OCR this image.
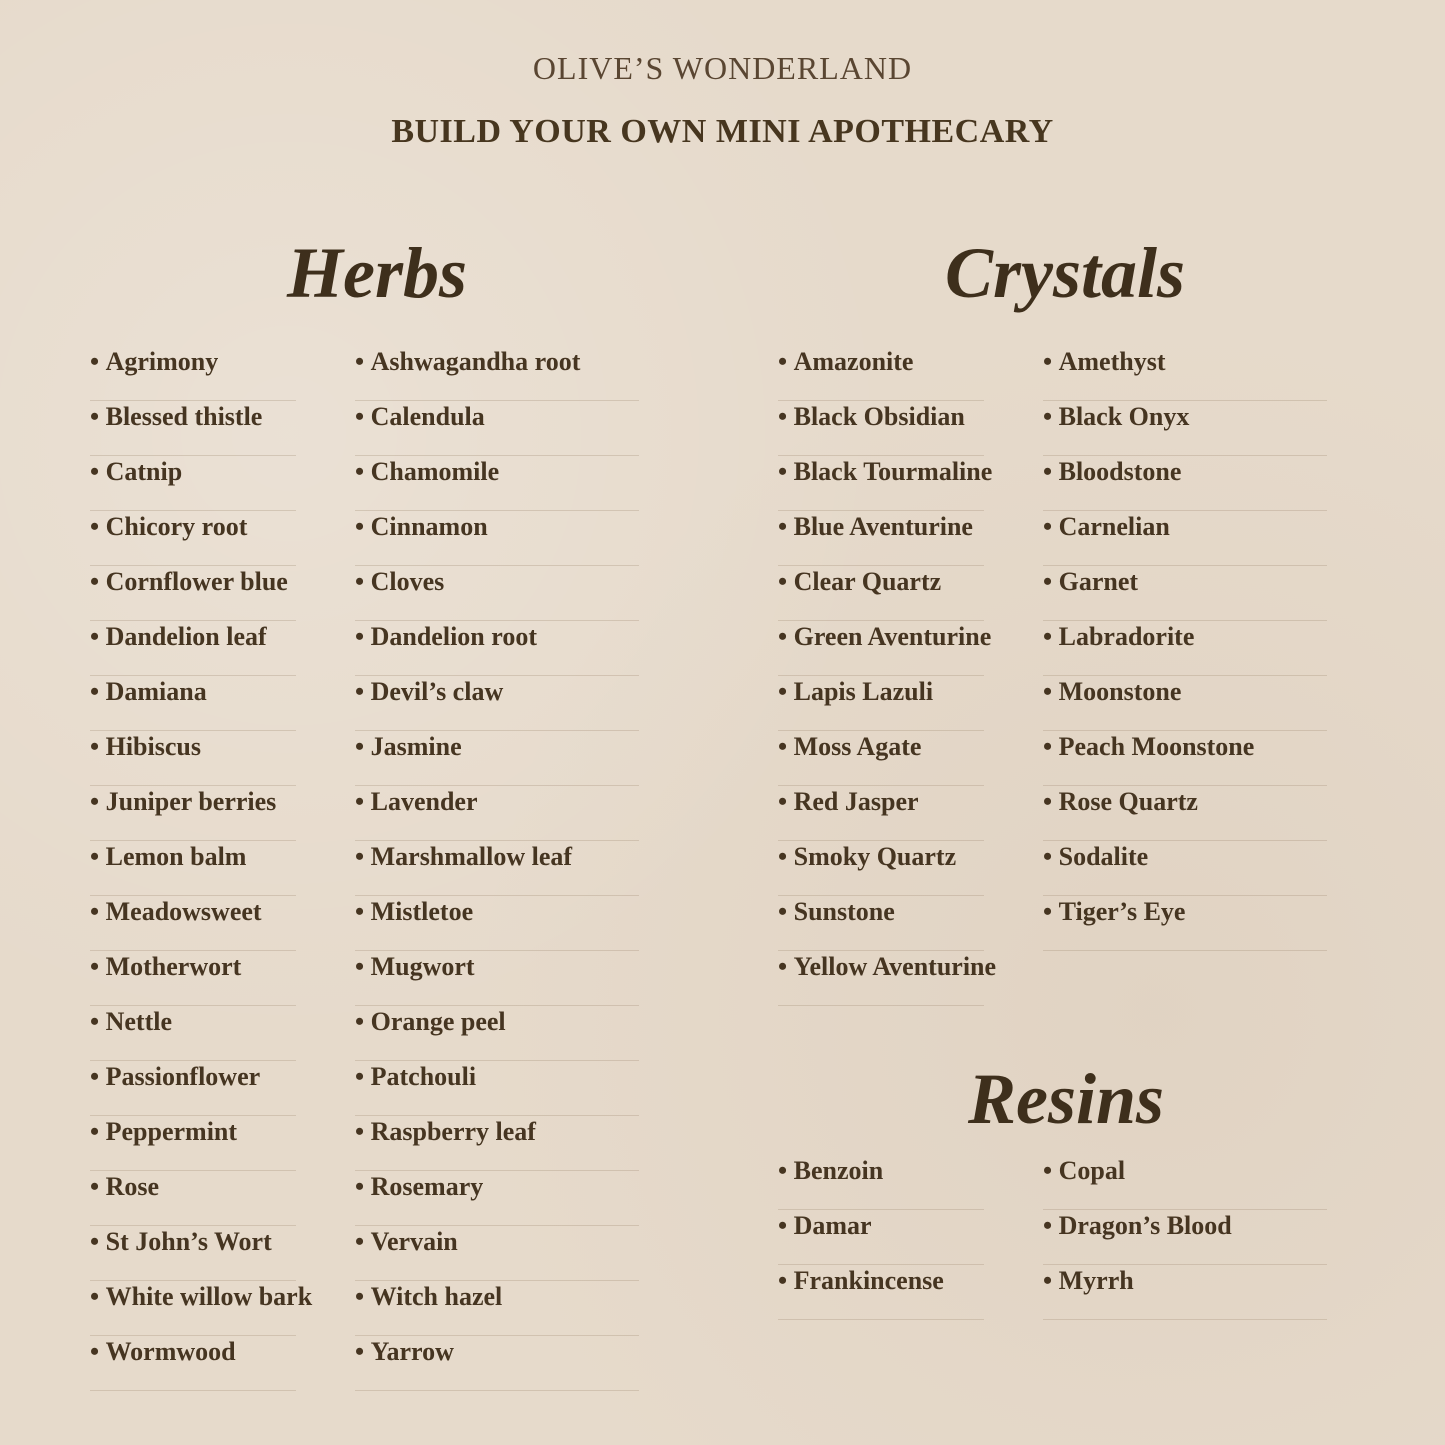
OLIVE’S WONDERLAND
BUILD YOUR OWN MINI APOTHECARY
Herbs
• Agrimony
• Blessed thistle
• Catnip
• Chicory root
• Cornflower blue
• Dandelion leaf
• Damiana
• Hibiscus
• Juniper berries
• Lemon balm
• Meadowsweet
• Motherwort
• Nettle
• Passionflower
• Peppermint
• Rose
• St John’s Wort
• White willow bark
• Wormwood
• Ashwagandha root
• Calendula
• Chamomile
• Cinnamon
• Cloves
• Dandelion root
• Devil’s claw
• Jasmine
• Lavender
• Marshmallow leaf
• Mistletoe
• Mugwort
• Orange peel
• Patchouli
• Raspberry leaf
• Rosemary
• Vervain
• Witch hazel
• Yarrow
Crystals
• Amazonite
• Black Obsidian
• Black Tourmaline
• Blue Aventurine
• Clear Quartz
• Green Aventurine
• Lapis Lazuli
• Moss Agate
• Red Jasper
• Smoky Quartz
• Sunstone
• Yellow Aventurine
• Amethyst
• Black Onyx
• Bloodstone
• Carnelian
• Garnet
• Labradorite
• Moonstone
• Peach Moonstone
• Rose Quartz
• Sodalite
• Tiger’s Eye
Resins
• Benzoin
• Damar
• Frankincense
• Copal
• Dragon’s Blood
• Myrrh
